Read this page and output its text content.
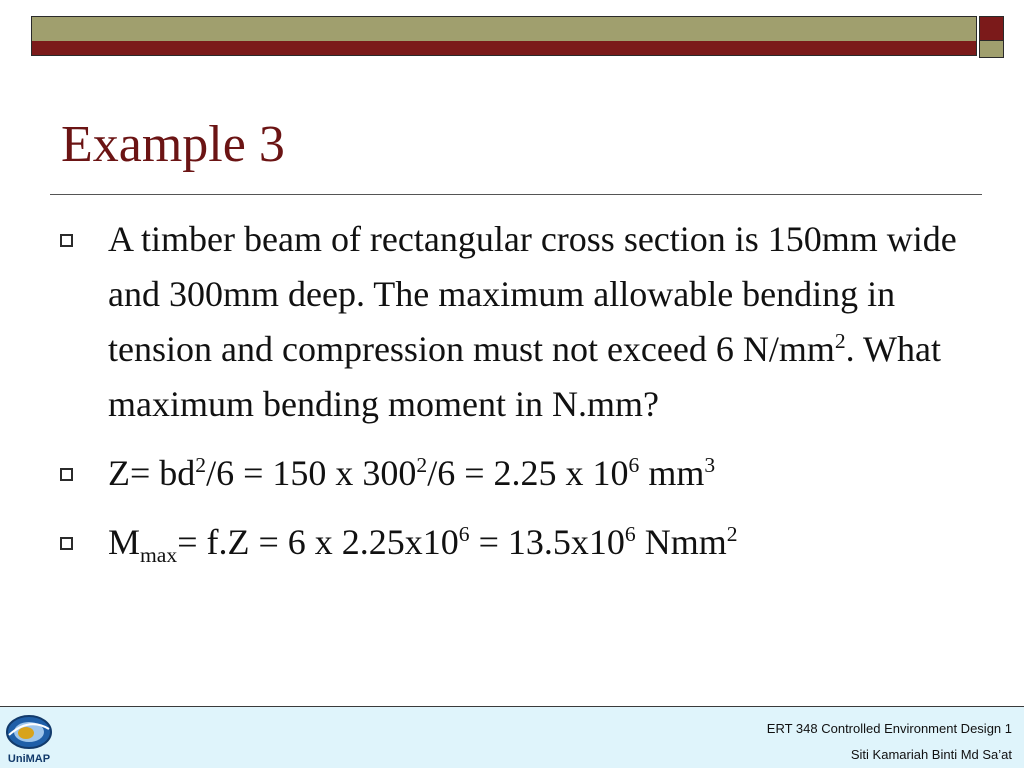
Example 3
A timber beam of rectangular cross section is 150mm wide and 300mm deep. The maximum allowable bending in tension and compression must not exceed 6 $N/mm^2$. What maximum bending moment in N.mm?
$Z= bd^2/6 = 150$ x $300^2/6 = 2.25$ x $10^6$ $mm^3$
$M_{max}= f.Z = 6$ x $2.25x10^6 = 13.5x10^6$ Nmm$^2$
UniMAP
ERT 348 Controlled Environment Design 1
Siti Kamariah Binti Md Sa’at
